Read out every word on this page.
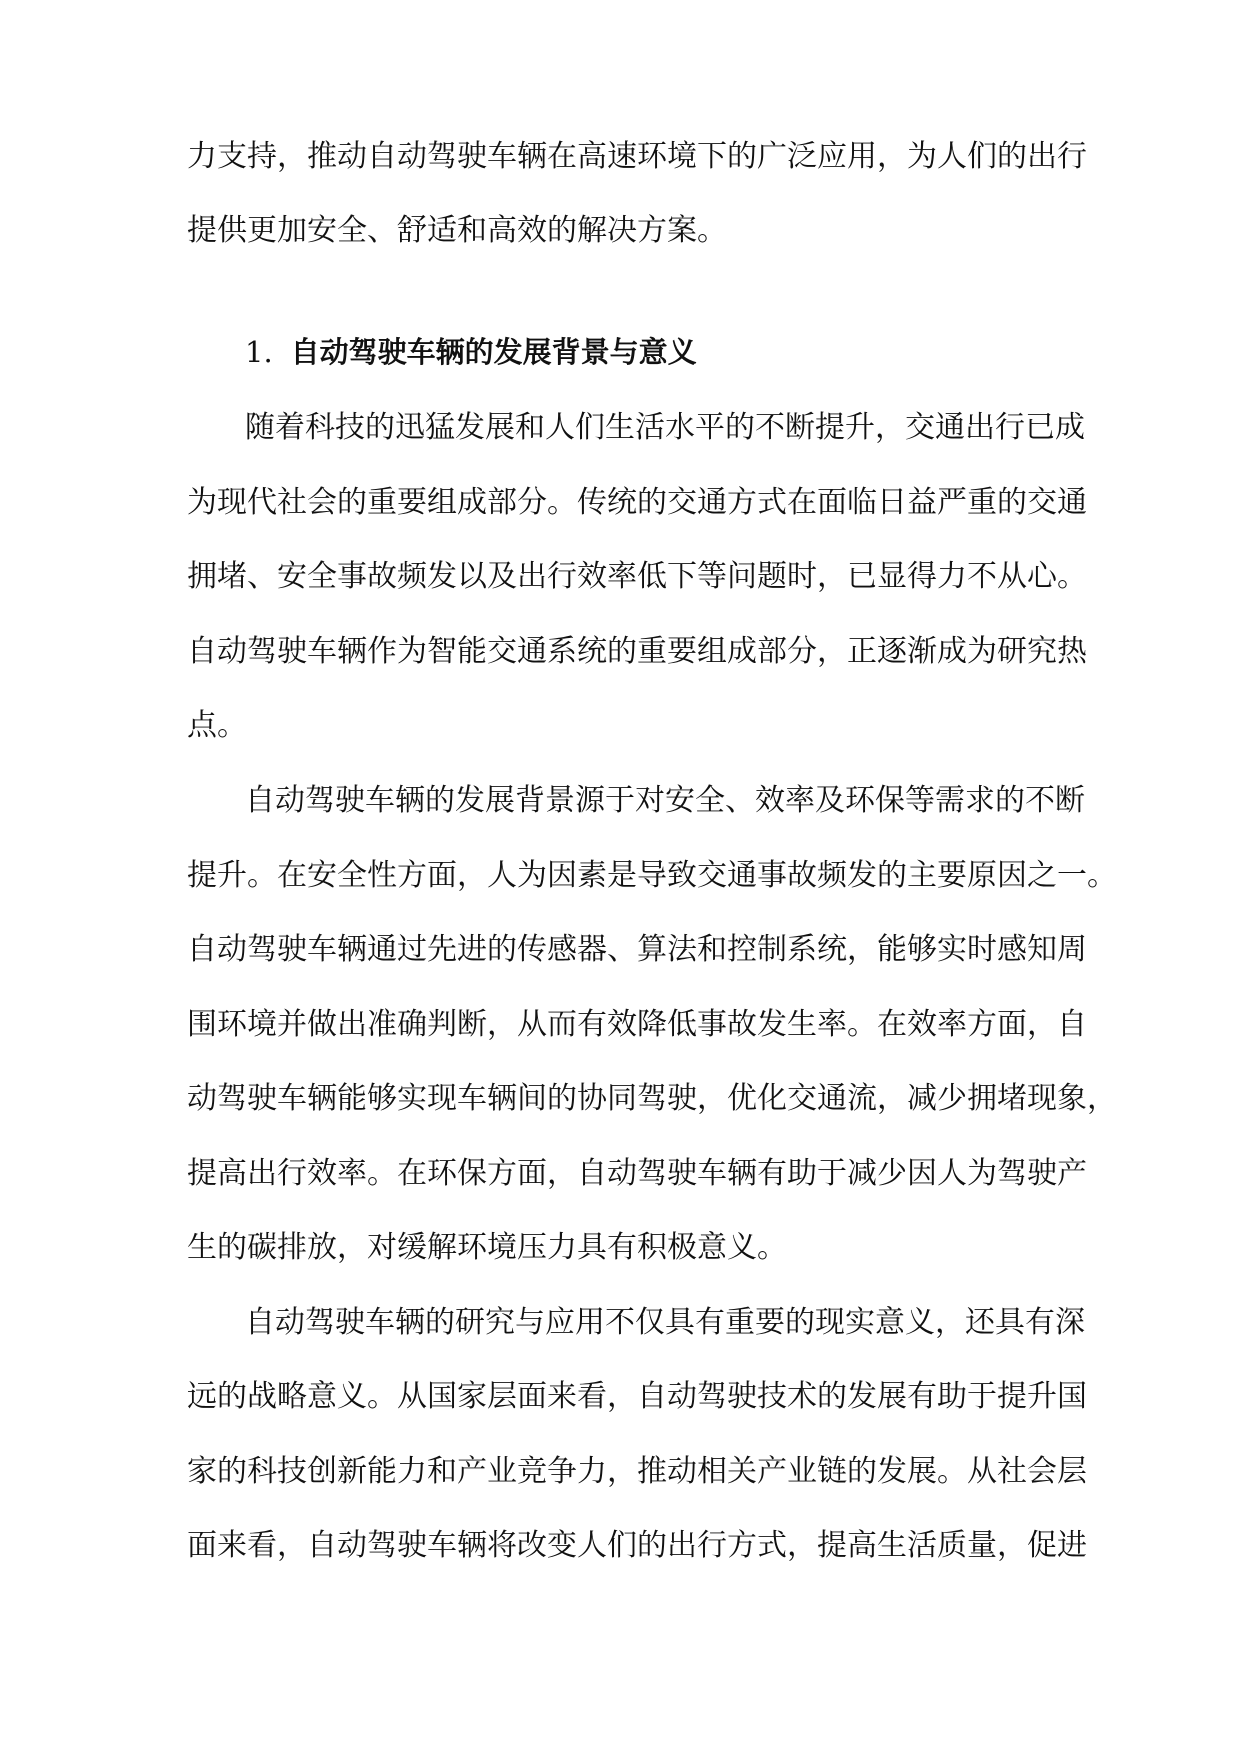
力支持，推动自动驾驶车辆在高速环境下的广泛应用，为人们的出行

提供更加安全、舒适和高效的解决方案。

1. 自动驾驶车辆的发展背景与意义

随着科技的迅猛发展和人们生活水平的不断提升，交通出行已成

为现代社会的重要组成部分。传统的交通方式在面临日益严重的交通

拥堵、安全事故频发以及出行效率低下等问题时，已显得力不从心。

自动驾驶车辆作为智能交通系统的重要组成部分，正逐渐成为研究热

点。

自动驾驶车辆的发展背景源于对安全、效率及环保等需求的不断

提升。在安全性方面，人为因素是导致交通事故频发的主要原因之一。

自动驾驶车辆通过先进的传感器、算法和控制系统，能够实时感知周

围环境并做出准确判断，从而有效降低事故发生率。在效率方面，自

动驾驶车辆能够实现车辆间的协同驾驶，优化交通流，减少拥堵现象，

提高出行效率。在环保方面，自动驾驶车辆有助于减少因人为驾驶产

生的碳排放，对缓解环境压力具有积极意义。

自动驾驶车辆的研究与应用不仅具有重要的现实意义，还具有深

远的战略意义。从国家层面来看，自动驾驶技术的发展有助于提升国

家的科技创新能力和产业竞争力，推动相关产业链的发展。从社会层

面来看，自动驾驶车辆将改变人们的出行方式，提高生活质量，促进
